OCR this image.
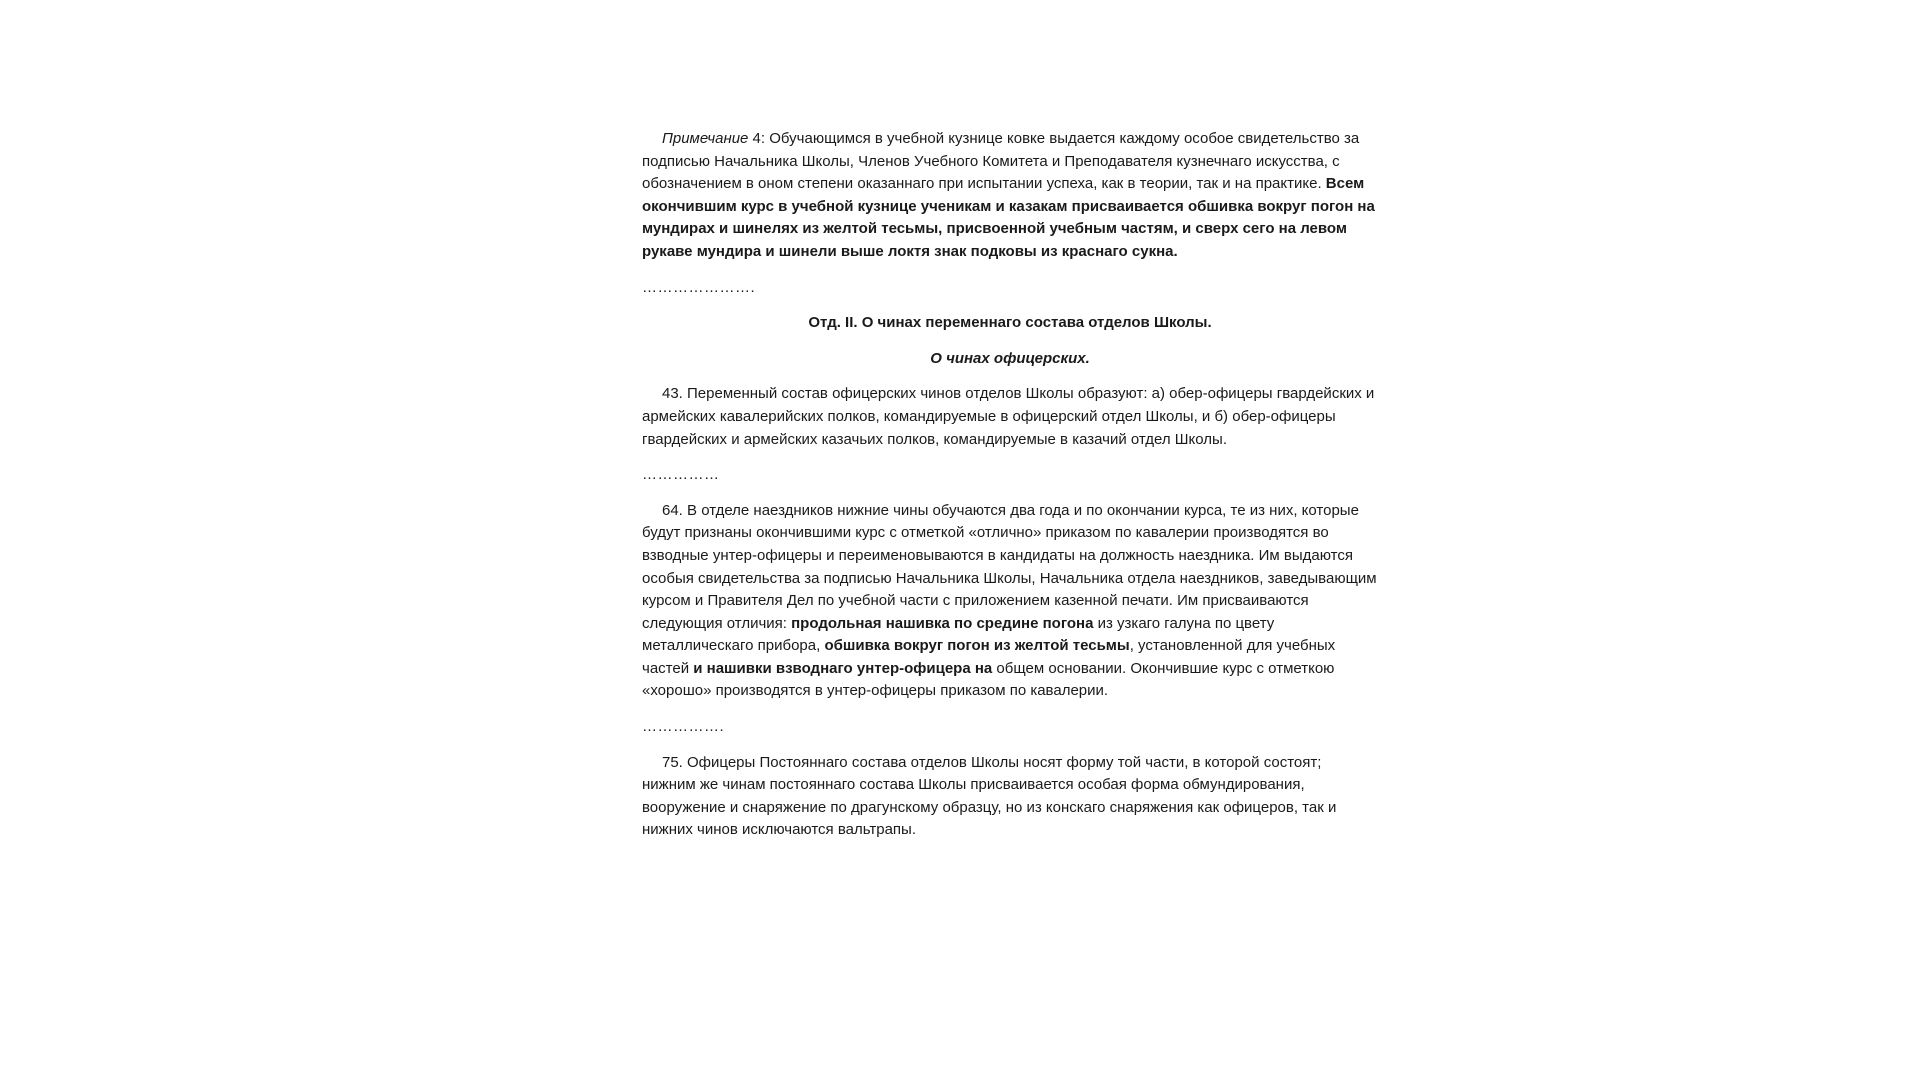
Примечание 4: Обучающимся в учебной кузнице ковке выдается каждому особое свидетельство за подписью Начальника Школы, Членов Учебного Комитета и Преподавателя кузнечнаго искусства, с обозначением в оном степени оказаннаго при испытании успеха, как в теории, так и на практике. Всем окончившим курс в учебной кузнице ученикам и казакам присваивается обшивка вокруг погон на мундирах и шинелях из желтой тесьмы, присвоенной учебным частям, и сверх сего на левом рукаве мундира и шинели выше локтя знак подковы из краснаго сукна.

………………….

Отд. II. О чинах переменнаго состава отделов Школы.

О чинах офицерских.

43. Переменный состав офицерских чинов отделов Школы образуют: а) обер-офицеры гвардейских и армейских кавалерийских полков, командируемые в офицерский отдел Школы, и б) обер-офицеры гвардейских и армейских казачьих полков, командируемые в казачий отдел Школы.

……………

64. В отделе наездников нижние чины обучаются два года и по окончании курса, те из них, которые будут признаны окончившими курс с отметкой «отлично» приказом по кавалерии производятся во взводные унтер-офицеры и переименовываются в кандидаты на должность наездника. Им выдаются особыя свидетельства за подписью Начальника Школы, Начальника отдела наездников, заведывающим курсом и Правителя Дел по учебной части с приложением казенной печати. Им присваиваются следующия отличия: продольная нашивка по средине погона из узкаго галуна по цвету металлическаго прибора, обшивка вокруг погон из желтой тесьмы, установленной для учебных частей и нашивки взводнаго унтер-офицера на общем основании. Окончившие курс с отметкою «хорошо» производятся в унтер-офицеры приказом по кавалерии.

…………….

75. Офицеры Постояннаго состава отделов Школы носят форму той части, в которой состоят; нижним же чинам постояннаго состава Школы присваивается особая форма обмундирования, вооружение и снаряжение по драгунскому образцу, но из конскаго снаряжения как офицеров, так и нижних чинов исключаются вальтрапы.
